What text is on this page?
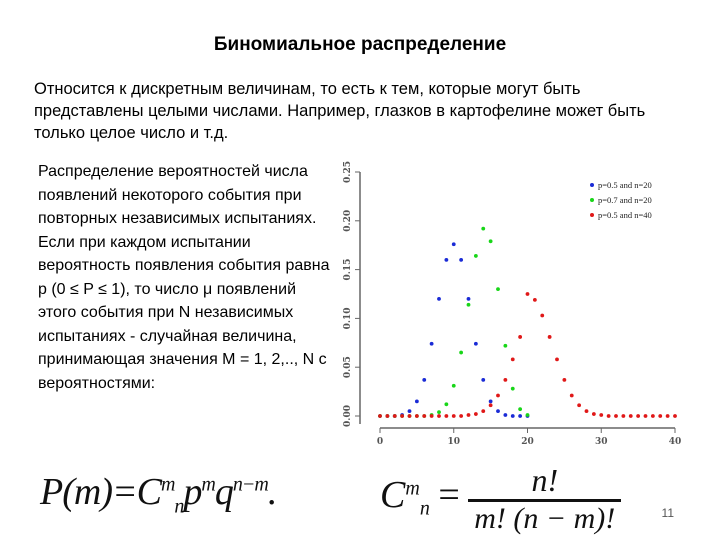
Биномиальное распределение
Относится к дискретным величинам, то есть к тем, которые могут быть представлены целыми числами. Например, глазков в картофелине может быть только целое число и т.д.
Распределение вероятностей числа появлений некоторого события при повторных независимых испытаниях. Если при каждом испытании вероятность появления события равна p (0 ≤ P ≤ 1), то число μ появлений этого события при N независимых испытаниях - случайная величина, принимающая значения M = 1, 2,.., N с вероятностями:
0.00
0.05
0.10
0.15
0.20
0.25
0	10	20	30	40
p=0.5 and n=20
p=0.7 and n=20
p=0.5 and n=40
$P(m)=C^m_np^mq^{n-m}$.	$C^m_n = \frac{n!}{m! (n - m)!}$	11
